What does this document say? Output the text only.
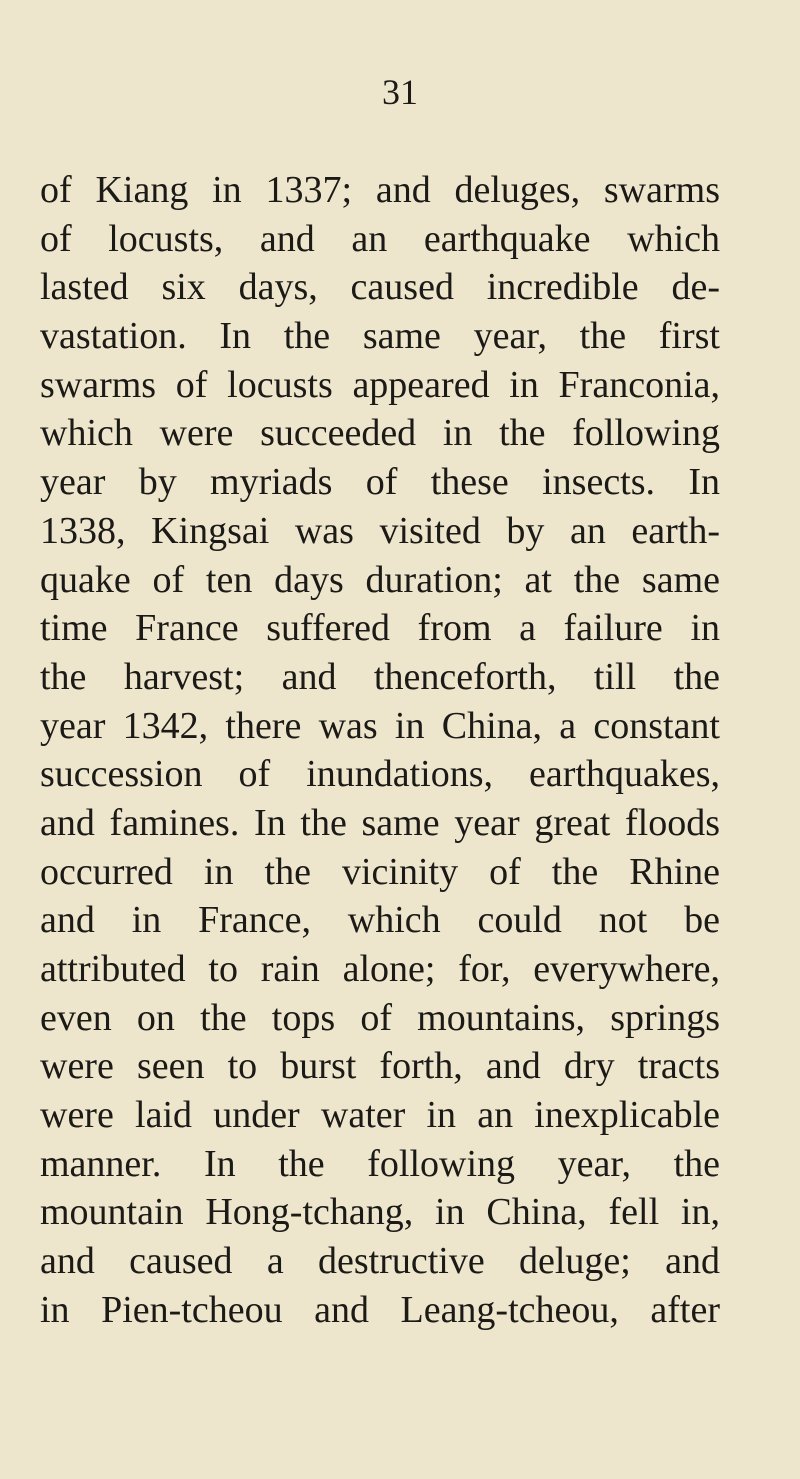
31
of Kiang in 1337; and deluges, swarms
of locusts, and an earthquake which
lasted six days, caused incredible de-
vastation. In the same year, the first
swarms of locusts appeared in Franconia,
which were succeeded in the following
year by myriads of these insects. In
1338, Kingsai was visited by an earth-
quake of ten days duration; at the same
time France suffered from a failure in
the harvest; and thenceforth, till the
year 1342, there was in China, a constant
succession of inundations, earthquakes,
and famines. In the same year great floods
occurred in the vicinity of the Rhine
and in France, which could not be
attributed to rain alone; for, everywhere,
even on the tops of mountains, springs
were seen to burst forth, and dry tracts
were laid under water in an inexplicable
manner. In the following year, the
mountain Hong-tchang, in China, fell in,
and caused a destructive deluge; and
in Pien-tcheou and Leang-tcheou, after
